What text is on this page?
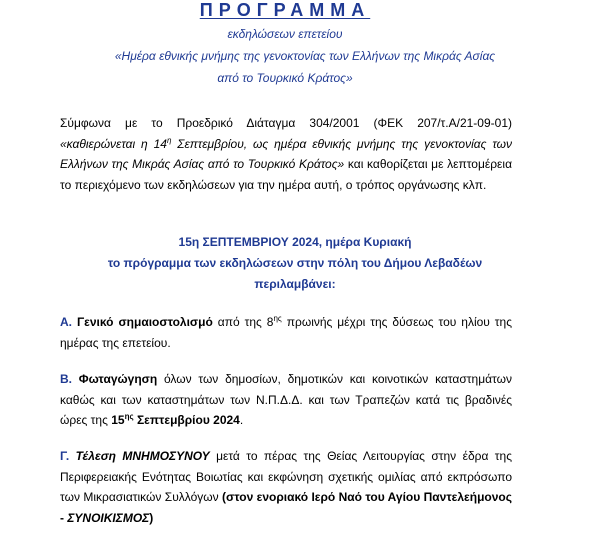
ΠΡΟΓΡΑΜΜΑ
εκδηλώσεων επετείου
«Ημέρα εθνικής μνήμης της γενοκτονίας των Ελλήνων της Μικράς Ασίας
από το Τουρκικό Κράτος»

Σύμφωνα με το Προεδρικό Διάταγμα 304/2001 (ΦΕΚ 207/τ.Α/21-09-01) «καθιερώνεται η $14^\eta$ Σεπτεμβρίου, ως ημέρα εθνικής μνήμης της γενοκτονίας των Ελλήνων της Μικράς Ασίας από το Τουρκικό Κράτος» και καθορίζεται με λεπτομέρεια το περιεχόμενο των εκδηλώσεων για την ημέρα αυτή, ο τρόπος οργάνωσης κλπ.

15η ΣΕΠΤΕΜΒΡΙΟΥ 2024, ημέρα Κυριακή
το πρόγραμμα των εκδηλώσεων στην πόλη του Δήμου Λεβαδέων
περιλαμβάνει:

Α. Γενικό σημαιοστολισμό από της $8^{\eta\varsigma}$ πρωινής μέχρι της δύσεως του ηλίου της ημέρας της επετείου.

Β. Φωταγώγηση όλων των δημοσίων, δημοτικών και κοινοτικών καταστημάτων καθώς και των καταστημάτων των Ν.Π.Δ.Δ. και των Τραπεζών κατά τις βραδινές ώρες της $15^{\eta\varsigma}$ Σεπτεμβρίου 2024.

Γ. Τέλεση ΜΝΗΜΟΣΥΝΟΥ μετά το πέρας της Θείας Λειτουργίας στην έδρα της Περιφερειακής Ενότητας Βοιωτίας και εκφώνηση σχετικής ομιλίας από εκπρόσωπο των Μικρασιατικών Συλλόγων (στον ενοριακό Ιερό Ναό του Αγίου Παντελεήμονος - ΣΥΝΟΙΚΙΣΜΟΣ)
